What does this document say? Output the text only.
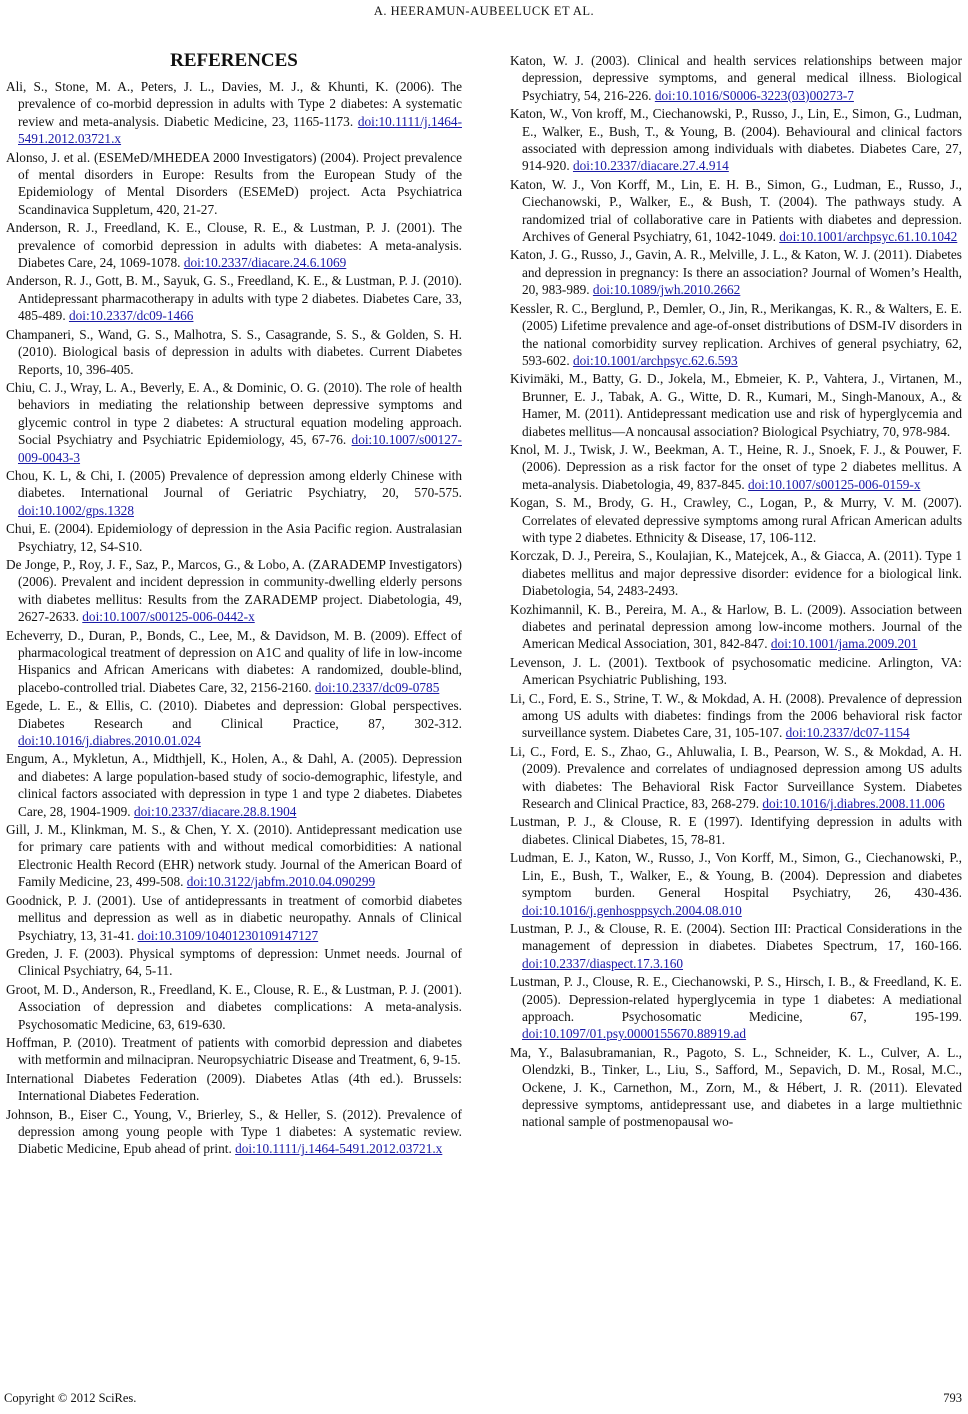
A. HEERAMUN-AUBEELUCK ET AL.
REFERENCES

Ali, S., Stone, M. A., Peters, J. L., Davies, M. J., & Khunti, K. (2006). The prevalence of co-morbid depression in adults with Type 2 diabetes: A systematic review and meta-analysis. Diabetic Medicine, 23, 1165-1173. doi:10.1111/j.1464-5491.2012.03721.x

Alonso, J. et al. (ESEMeD/MHEDEA 2000 Investigators) (2004). Project prevalence of mental disorders in Europe: Results from the European Study of the Epidemiology of Mental Disorders (ESEMeD) project. Acta Psychiatrica Scandinavica Suppletum, 420, 21-27.

Anderson, R. J., Freedland, K. E., Clouse, R. E., & Lustman, P. J. (2001). The prevalence of comorbid depression in adults with diabetes: A meta-analysis. Diabetes Care, 24, 1069-1078. doi:10.2337/diacare.24.6.1069

Anderson, R. J., Gott, B. M., Sayuk, G. S., Freedland, K. E., & Lustman, P. J. (2010). Antidepressant pharmacotherapy in adults with type 2 diabetes. Diabetes Care, 33, 485-489. doi:10.2337/dc09-1466

Champaneri, S., Wand, G. S., Malhotra, S. S., Casagrande, S. S., & Golden, S. H. (2010). Biological basis of depression in adults with diabetes. Current Diabetes Reports, 10, 396-405.

Chiu, C. J., Wray, L. A., Beverly, E. A., & Dominic, O. G. (2010). The role of health behaviors in mediating the relationship between depressive symptoms and glycemic control in type 2 diabetes: A structural equation modeling approach. Social Psychiatry and Psychiatric Epidemiology, 45, 67-76. doi:10.1007/s00127-009-0043-3

Chou, K. L, & Chi, I. (2005) Prevalence of depression among elderly Chinese with diabetes. International Journal of Geriatric Psychiatry, 20, 570-575. doi:10.1002/gps.1328

Chui, E. (2004). Epidemiology of depression in the Asia Pacific region. Australasian Psychiatry, 12, S4-S10.

De Jonge, P., Roy, J. F., Saz, P., Marcos, G., & Lobo, A. (ZARADEMP Investigators) (2006). Prevalent and incident depression in community-dwelling elderly persons with diabetes mellitus: Results from the ZARADEMP project. Diabetologia, 49, 2627-2633. doi:10.1007/s00125-006-0442-x

Echeverry, D., Duran, P., Bonds, C., Lee, M., & Davidson, M. B. (2009). Effect of pharmacological treatment of depression on A1C and quality of life in low-income Hispanics and African Americans with diabetes: A randomized, double-blind, placebo-controlled trial. Diabetes Care, 32, 2156-2160. doi:10.2337/dc09-0785

Egede, L. E., & Ellis, C. (2010). Diabetes and depression: Global perspectives. Diabetes Research and Clinical Practice, 87, 302-312. doi:10.1016/j.diabres.2010.01.024

Engum, A., Mykletun, A., Midthjell, K., Holen, A., & Dahl, A. (2005). Depression and diabetes: A large population-based study of socio-demographic, lifestyle, and clinical factors associated with depression in type 1 and type 2 diabetes. Diabetes Care, 28, 1904-1909. doi:10.2337/diacare.28.8.1904

Gill, J. M., Klinkman, M. S., & Chen, Y. X. (2010). Antidepressant medication use for primary care patients with and without medical comorbidities: A national Electronic Health Record (EHR) network study. Journal of the American Board of Family Medicine, 23, 499-508. doi:10.3122/jabfm.2010.04.090299

Goodnick, P. J. (2001). Use of antidepressants in treatment of comorbid diabetes mellitus and depression as well as in diabetic neuropathy. Annals of Clinical Psychiatry, 13, 31-41. doi:10.3109/10401230109147127

Greden, J. F. (2003). Physical symptoms of depression: Unmet needs. Journal of Clinical Psychiatry, 64, 5-11.

Groot, M. D., Anderson, R., Freedland, K. E., Clouse, R. E., & Lustman, P. J. (2001). Association of depression and diabetes complications: A meta-analysis. Psychosomatic Medicine, 63, 619-630.

Hoffman, P. (2010). Treatment of patients with comorbid depression and diabetes with metformin and milnacipran. Neuropsychiatric Disease and Treatment, 6, 9-15.

International Diabetes Federation (2009). Diabetes Atlas (4th ed.). Brussels: International Diabetes Federation.

Johnson, B., Eiser C., Young, V., Brierley, S., & Heller, S. (2012). Prevalence of depression among young people with Type 1 diabetes: A systematic review. Diabetic Medicine, Epub ahead of print. doi:10.1111/j.1464-5491.2012.03721.x

Katon, W. J. (2003). Clinical and health services relationships between major depression, depressive symptoms, and general medical illness. Biological Psychiatry, 54, 216-226. doi:10.1016/S0006-3223(03)00273-7

Katon, W., Von kroff, M., Ciechanowski, P., Russo, J., Lin, E., Simon, G., Ludman, E., Walker, E., Bush, T., & Young, B. (2004). Behavioural and clinical factors associated with depression among individuals with diabetes. Diabetes Care, 27, 914-920. doi:10.2337/diacare.27.4.914

Katon, W. J., Von Korff, M., Lin, E. H. B., Simon, G., Ludman, E., Russo, J., Ciechanowski, P., Walker, E., & Bush, T. (2004). The pathways study. A randomized trial of collaborative care in Patients with diabetes and depression. Archives of General Psychiatry, 61, 1042-1049. doi:10.1001/archpsyc.61.10.1042

Katon, J. G., Russo, J., Gavin, A. R., Melville, J. L., & Katon, W. J. (2011). Diabetes and depression in pregnancy: Is there an association? Journal of Women’s Health, 20, 983-989. doi:10.1089/jwh.2010.2662

Kessler, R. C., Berglund, P., Demler, O., Jin, R., Merikangas, K. R., & Walters, E. E. (2005) Lifetime prevalence and age-of-onset distributions of DSM-IV disorders in the national comorbidity survey replication. Archives of general psychiatry, 62, 593-602. doi:10.1001/archpsyc.62.6.593

Kivimäki, M., Batty, G. D., Jokela, M., Ebmeier, K. P., Vahtera, J., Virtanen, M., Brunner, E. J., Tabak, A. G., Witte, D. R., Kumari, M., Singh-Manoux, A., & Hamer, M. (2011). Antidepressant medication use and risk of hyperglycemia and diabetes mellitus—A noncausal association? Biological Psychiatry, 70, 978-984.

Knol, M. J., Twisk, J. W., Beekman, A. T., Heine, R. J., Snoek, F. J., & Pouwer, F. (2006). Depression as a risk factor for the onset of type 2 diabetes mellitus. A meta-analysis. Diabetologia, 49, 837-845. doi:10.1007/s00125-006-0159-x

Kogan, S. M., Brody, G. H., Crawley, C., Logan, P., & Murry, V. M. (2007). Correlates of elevated depressive symptoms among rural African American adults with type 2 diabetes. Ethnicity & Disease, 17, 106-112.

Korczak, D. J., Pereira, S., Koulajian, K., Matejcek, A., & Giacca, A. (2011). Type 1 diabetes mellitus and major depressive disorder: evidence for a biological link. Diabetologia, 54, 2483-2493.

Kozhimannil, K. B., Pereira, M. A., & Harlow, B. L. (2009). Association between diabetes and perinatal depression among low-income mothers. Journal of the American Medical Association, 301, 842-847. doi:10.1001/jama.2009.201

Levenson, J. L. (2001). Textbook of psychosomatic medicine. Arlington, VA: American Psychiatric Publishing, 193.

Li, C., Ford, E. S., Strine, T. W., & Mokdad, A. H. (2008). Prevalence of depression among US adults with diabetes: findings from the 2006 behavioral risk factor surveillance system. Diabetes Care, 31, 105-107. doi:10.2337/dc07-1154

Li, C., Ford, E. S., Zhao, G., Ahluwalia, I. B., Pearson, W. S., & Mokdad, A. H. (2009). Prevalence and correlates of undiagnosed depression among US adults with diabetes: The Behavioral Risk Factor Surveillance System. Diabetes Research and Clinical Practice, 83, 268-279. doi:10.1016/j.diabres.2008.11.006

Lustman, P. J., & Clouse, R. E (1997). Identifying depression in adults with diabetes. Clinical Diabetes, 15, 78-81.

Ludman, E. J., Katon, W., Russo, J., Von Korff, M., Simon, G., Ciechanowski, P., Lin, E., Bush, T., Walker, E., & Young, B. (2004). Depression and diabetes symptom burden. General Hospital Psychiatry, 26, 430-436. doi:10.1016/j.genhosppsych.2004.08.010

Lustman, P. J., & Clouse, R. E. (2004). Section III: Practical Considerations in the management of depression in diabetes. Diabetes Spectrum, 17, 160-166. doi:10.2337/diaspect.17.3.160

Lustman, P. J., Clouse, R. E., Ciechanowski, P. S., Hirsch, I. B., & Freedland, K. E. (2005). Depression-related hyperglycemia in type 1 diabetes: A mediational approach. Psychosomatic Medicine, 67, 195-199. doi:10.1097/01.psy.0000155670.88919.ad

Ma, Y., Balasubramanian, R., Pagoto, S. L., Schneider, K. L., Culver, A. L., Olendzki, B., Tinker, L., Liu, S., Safford, M., Sepavich, D. M., Rosal, M.C., Ockene, J. K., Carnethon, M., Zorn, M., & Hébert, J. R. (2011). Elevated depressive symptoms, antidepressant use, and diabetes in a large multiethnic national sample of postmenopausal wo-

Copyright © 2012 SciRes.	793
